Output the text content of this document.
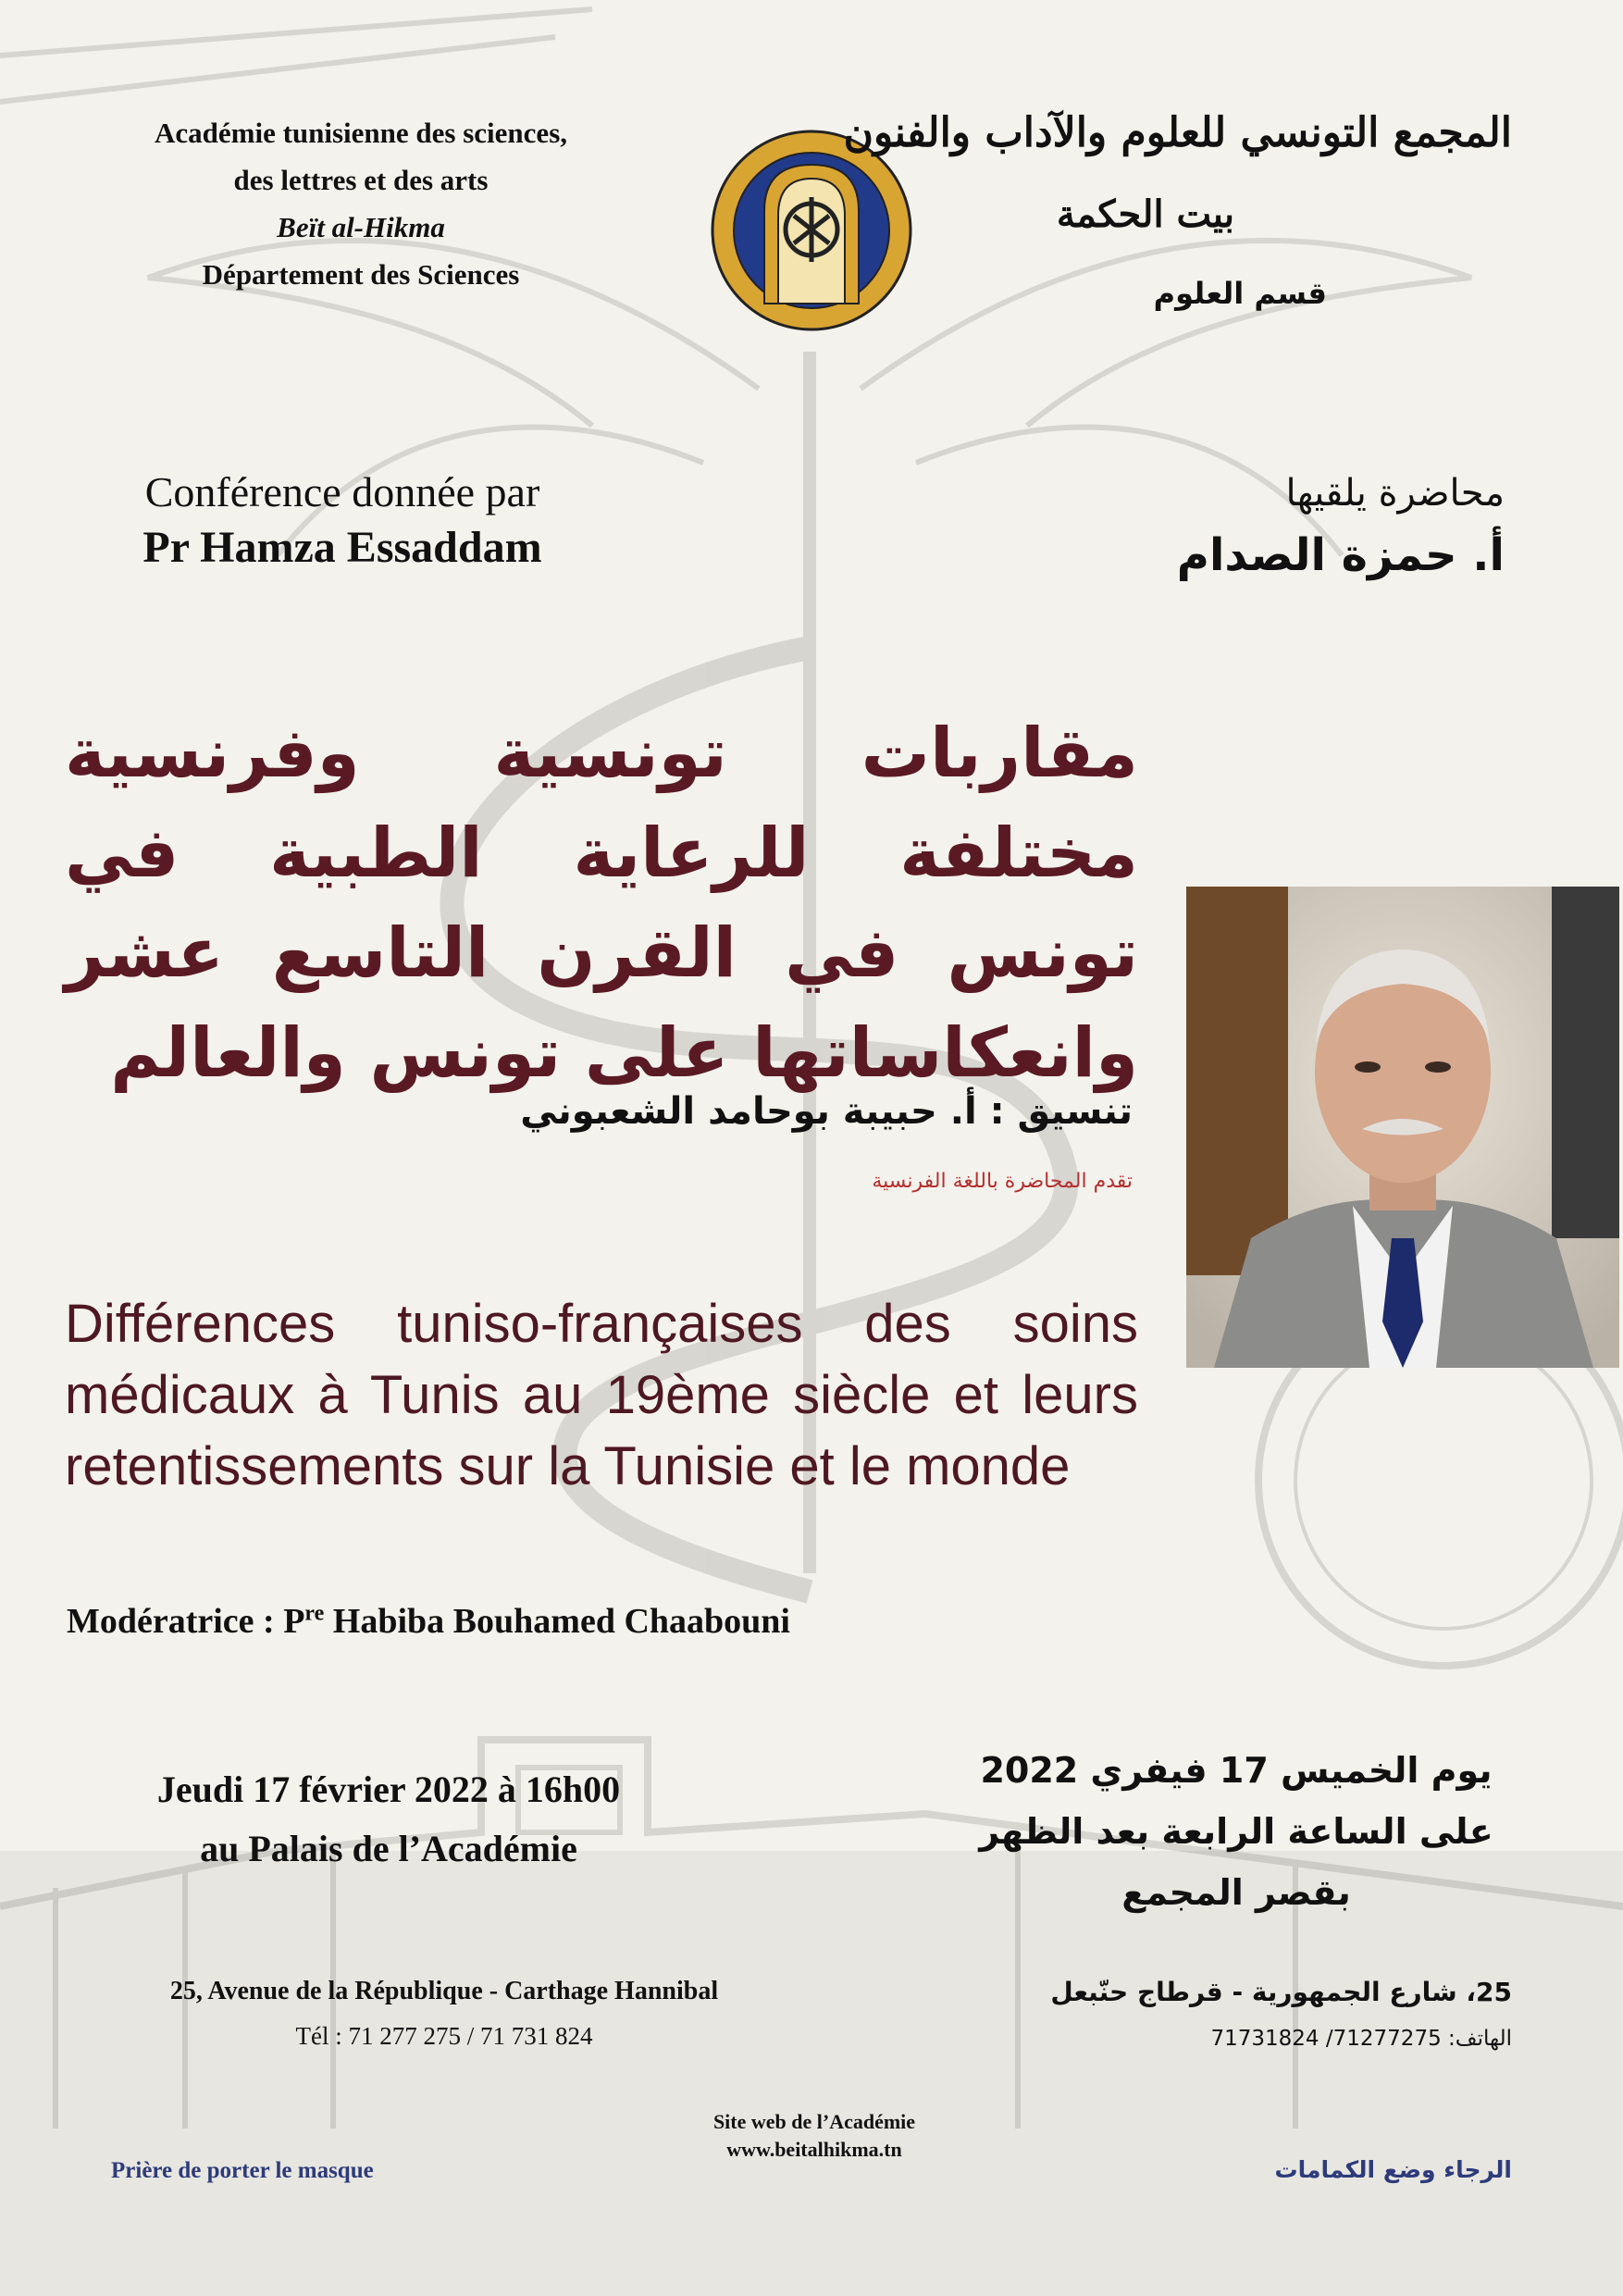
Académie tunisienne des sciences,
des lettres et des arts
Beït al-Hikma
Département des Sciences
المجمع التونسي للعلوم والآداب والفنون
بيت الحكمة
قسم العلوم
Conférence donnée par
Pr Hamza Essaddam
محاضرة يلقيها
أ. حمزة الصدام
مقاربات تونسية وفرنسية مختلفة للرعاية الطبية في تونس في القرن التاسع عشر وانعكاساتها على تونس والعالم
تنسيق : أ. حبيبة بوحامد الشعبوني
تقدم المحاضرة باللغة الفرنسية
Différences tuniso-françaises des soins médicaux à Tunis au 19ème siècle et leurs retentissements sur la Tunisie et le monde
Modératrice : $P^{re}$ Habiba Bouhamed Chaabouni
Jeudi 17 février 2022 à 16h00
au Palais de l’Académie
يوم الخميس 17 فيفري 2022
على الساعة الرابعة بعد الظهر
بقصر المجمع
25, Avenue de la République - Carthage Hannibal
Tél : 71 277 275 / 71 731 824
25، شارع الجمهورية - قرطاج حنّبعل
الهاتف: 71277275/ 71731824
Site web de l’Académie
www.beitalhikma.tn
Prière de porter le masque	الرجاء وضع الكمامات
